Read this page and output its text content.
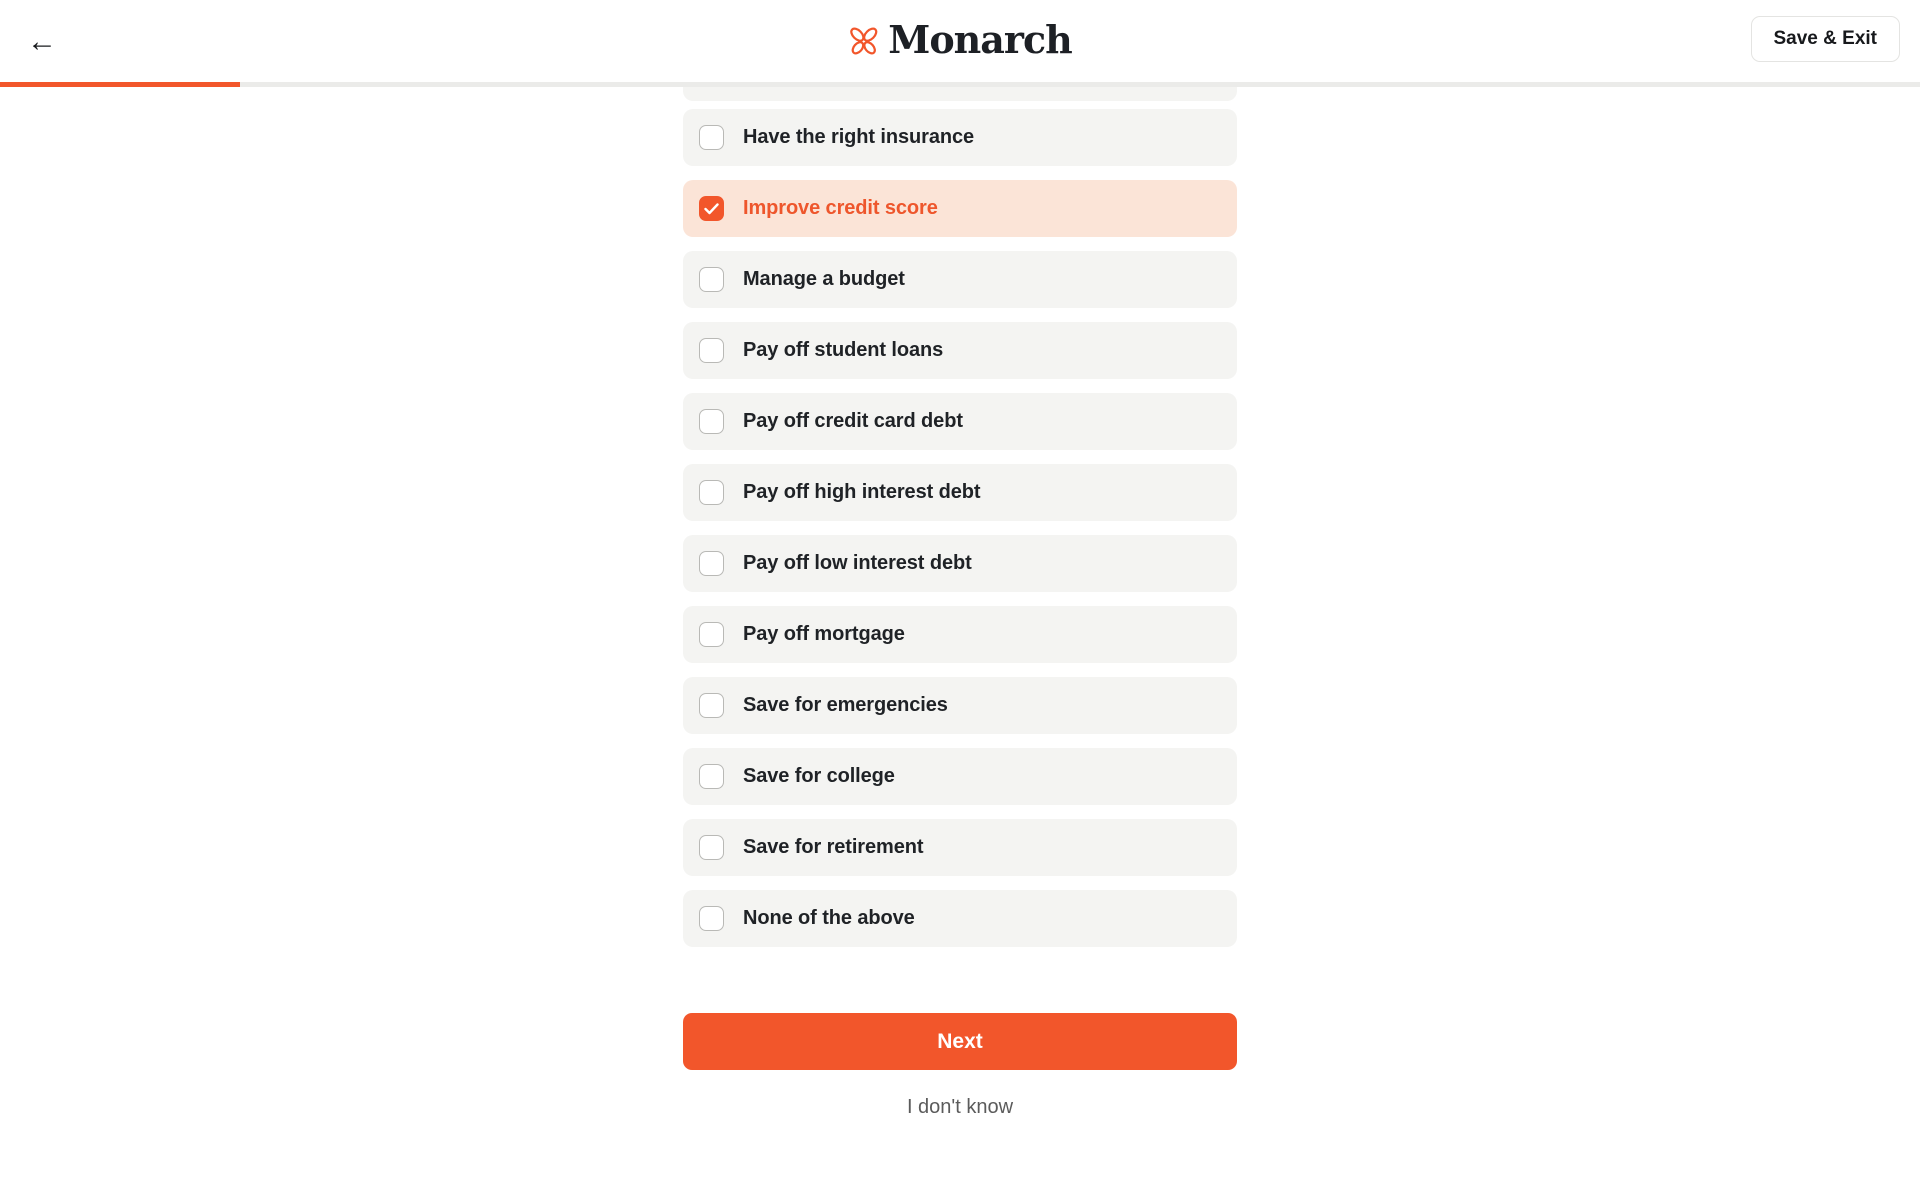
←	Monarch	Save & Exit
Have the right insurance
Improve credit score
Manage a budget
Pay off student loans
Pay off credit card debt
Pay off high interest debt
Pay off low interest debt
Pay off mortgage
Save for emergencies
Save for college
Save for retirement
None of the above
Next
I don't know
